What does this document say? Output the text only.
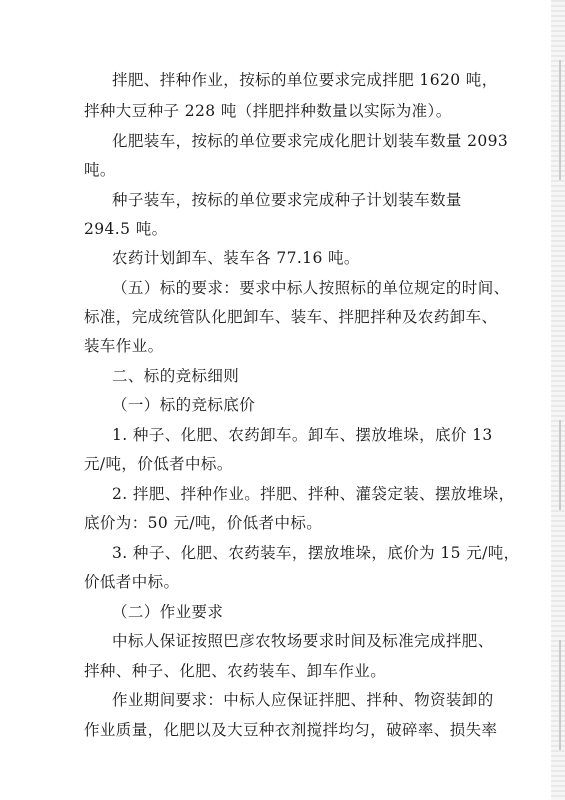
拌肥、拌种作业，按标的单位要求完成拌肥 1620 吨，
拌种大豆种子 228 吨（拌肥拌种数量以实际为准）。
化肥装车，按标的单位要求完成化肥计划装车数量 2093
吨。
种子装车，按标的单位要求完成种子计划装车数量
294.5 吨。
农药计划卸车、装车各 77.16 吨。
（五）标的要求：要求中标人按照标的单位规定的时间、
标准，完成统管队化肥卸车、装车、拌肥拌种及农药卸车、
装车作业。
二、标的竞标细则
（一）标的竞标底价
1. 种子、化肥、农药卸车。卸车、摆放堆垛，底价 13
元/吨，价低者中标。
2. 拌肥、拌种作业。拌肥、拌种、灌袋定装、摆放堆垛，
底价为：50 元/吨，价低者中标。
3. 种子、化肥、农药装车，摆放堆垛，底价为 15 元/吨，
价低者中标。
（二）作业要求
中标人保证按照巴彦农牧场要求时间及标准完成拌肥、
拌种、种子、化肥、农药装车、卸车作业。
作业期间要求：中标人应保证拌肥、拌种、物资装卸的
作业质量，化肥以及大豆种衣剂搅拌均匀，破碎率、损失率
